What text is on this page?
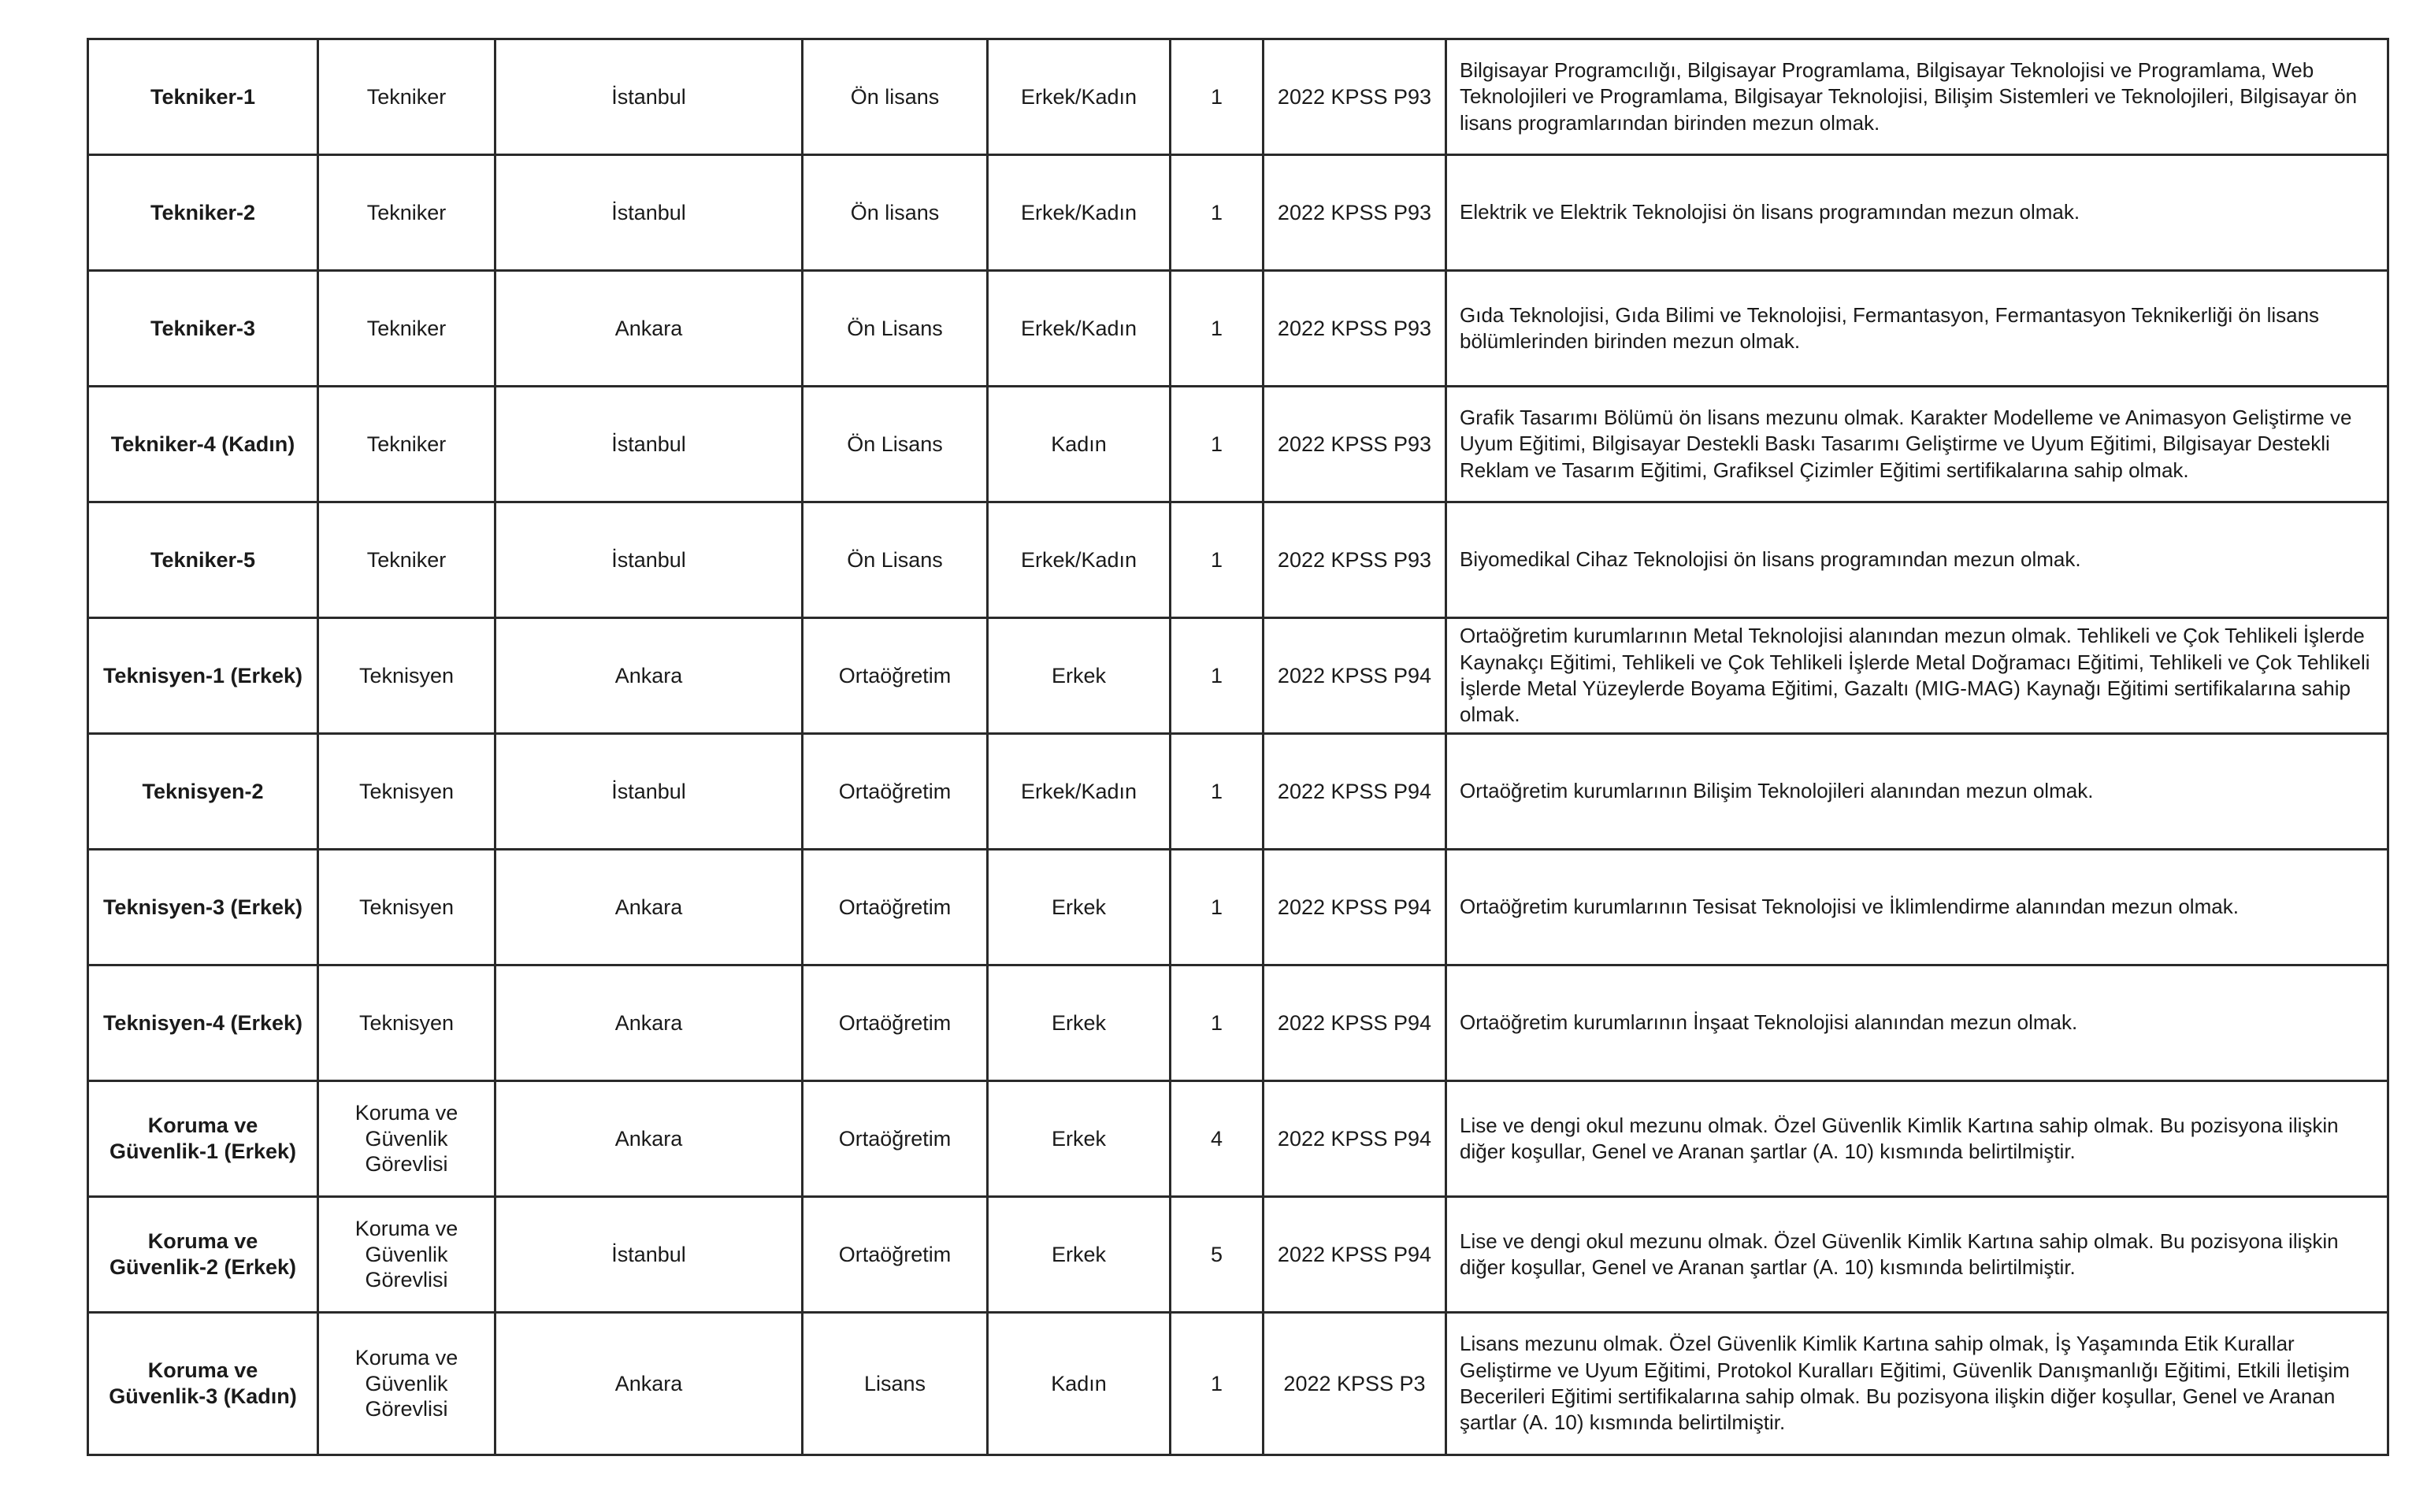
Tekniker-1	Tekniker	İstanbul	Ön lisans	Erkek/Kadın	1	2022 KPSS P93	Bilgisayar Programcılığı, Bilgisayar Programlama, Bilgisayar Teknolojisi ve Programlama, Web Teknolojileri ve Programlama, Bilgisayar Teknolojisi, Bilişim Sistemleri ve Teknolojileri, Bilgisayar ön lisans programlarından birinden mezun olmak.
Tekniker-2	Tekniker	İstanbul	Ön lisans	Erkek/Kadın	1	2022 KPSS P93	Elektrik ve Elektrik Teknolojisi ön lisans programından mezun olmak.
Tekniker-3	Tekniker	Ankara	Ön Lisans	Erkek/Kadın	1	2022 KPSS P93	Gıda Teknolojisi, Gıda Bilimi ve Teknolojisi, Fermantasyon, Fermantasyon Teknikerliği ön lisans bölümlerinden birinden mezun olmak.
Tekniker-4 (Kadın)	Tekniker	İstanbul	Ön Lisans	Kadın	1	2022 KPSS P93	Grafik Tasarımı Bölümü ön lisans mezunu olmak. Karakter Modelleme ve Animasyon Geliştirme ve Uyum Eğitimi, Bilgisayar Destekli Baskı Tasarımı Geliştirme ve Uyum Eğitimi, Bilgisayar Destekli Reklam ve Tasarım Eğitimi, Grafiksel Çizimler Eğitimi sertifikalarına sahip olmak.
Tekniker-5	Tekniker	İstanbul	Ön Lisans	Erkek/Kadın	1	2022 KPSS P93	Biyomedikal Cihaz Teknolojisi ön lisans programından mezun olmak.
Teknisyen-1 (Erkek)	Teknisyen	Ankara	Ortaöğretim	Erkek	1	2022 KPSS P94	Ortaöğretim kurumlarının Metal Teknolojisi alanından mezun olmak. Tehlikeli ve Çok Tehlikeli İşlerde Kaynakçı Eğitimi, Tehlikeli ve Çok Tehlikeli İşlerde Metal Doğramacı Eğitimi, Tehlikeli ve Çok Tehlikeli İşlerde Metal Yüzeylerde Boyama Eğitimi, Gazaltı (MIG-MAG) Kaynağı Eğitimi sertifikalarına sahip olmak.
Teknisyen-2	Teknisyen	İstanbul	Ortaöğretim	Erkek/Kadın	1	2022 KPSS P94	Ortaöğretim kurumlarının Bilişim Teknolojileri alanından mezun olmak.
Teknisyen-3 (Erkek)	Teknisyen	Ankara	Ortaöğretim	Erkek	1	2022 KPSS P94	Ortaöğretim kurumlarının Tesisat Teknolojisi ve İklimlendirme alanından mezun olmak.
Teknisyen-4 (Erkek)	Teknisyen	Ankara	Ortaöğretim	Erkek	1	2022 KPSS P94	Ortaöğretim kurumlarının İnşaat Teknolojisi alanından mezun olmak.
Koruma ve Güvenlik-1 (Erkek)	Koruma ve Güvenlik Görevlisi	Ankara	Ortaöğretim	Erkek	4	2022 KPSS P94	Lise ve dengi okul mezunu olmak. Özel Güvenlik Kimlik Kartına sahip olmak. Bu pozisyona ilişkin diğer koşullar, Genel ve Aranan şartlar (A. 10) kısmında belirtilmiştir.
Koruma ve Güvenlik-2 (Erkek)	Koruma ve Güvenlik Görevlisi	İstanbul	Ortaöğretim	Erkek	5	2022 KPSS P94	Lise ve dengi okul mezunu olmak. Özel Güvenlik Kimlik Kartına sahip olmak. Bu pozisyona ilişkin diğer koşullar, Genel ve Aranan şartlar (A. 10) kısmında belirtilmiştir.
Koruma ve Güvenlik-3 (Kadın)	Koruma ve Güvenlik Görevlisi	Ankara	Lisans	Kadın	1	2022 KPSS P3	Lisans mezunu olmak. Özel Güvenlik Kimlik Kartına sahip olmak, İş Yaşamında Etik Kurallar Geliştirme ve Uyum Eğitimi, Protokol Kuralları Eğitimi, Güvenlik Danışmanlığı Eğitimi, Etkili İletişim Becerileri Eğitimi sertifikalarına sahip olmak. Bu pozisyona ilişkin diğer koşullar, Genel ve Aranan şartlar (A. 10) kısmında belirtilmiştir.
